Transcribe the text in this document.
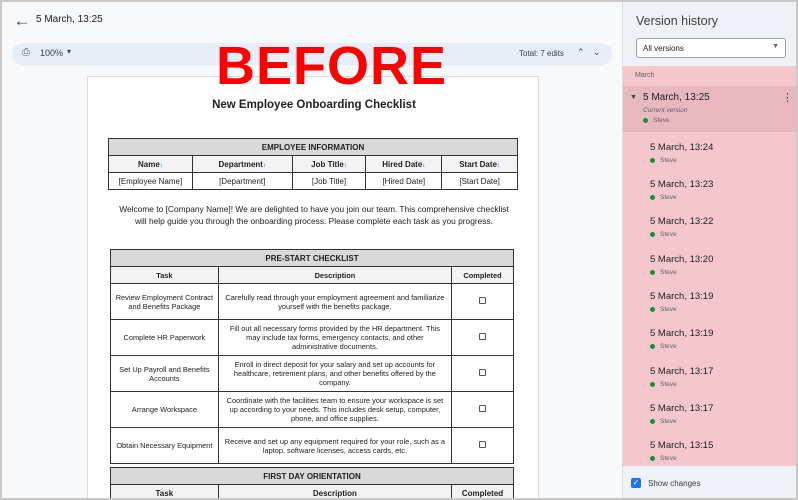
← 5 March, 13:25
⎙ 100% ▾	Total: 7 edits ⌃ ⌄
BEFORE
New Employee Onboarding Checklist
EMPLOYEE INFORMATION				
Name↕	Department↕	Job Title↕	Hired Date↕	Start Date↕
[Employee Name]	[Department]	[Job Title]	[Hired Date]	[Start Date]
Welcome to [Company Name]! We are delighted to have you join our team. This comprehensive checklist will help guide you through the onboarding process. Please complete each task as you progress.
PRE-START CHECKLIST		
Task	Description	Completed
Review Employment Contract and Benefits Package	Carefully read through your employment agreement and familiarize yourself with the benefits package.	
Complete HR Paperwork	Fill out all necessary forms provided by the HR department. This may include tax forms, emergency contacts, and other administrative documents.	
Set Up Payroll and Benefits Accounts	Enroll in direct deposit for your salary and set up accounts for healthcare, retirement plans, and other benefits offered by the company.	
Arrange Workspace	Coordinate with the facilities team to ensure your workspace is set up according to your needs. This includes desk setup, computer, phone, and office supplies.	
Obtain Necessary Equipment	Receive and set up any equipment required for your role, such as a laptop, software licenses, access cards, etc.	
FIRST DAY ORIENTATION
Task	Description	Completed
Version history
All versions	▼
March
▼ 5 March, 13:25
Current version
Steve
⋮
5 March, 13:24
Steve
5 March, 13:23
Steve
5 March, 13:22
Steve
5 March, 13:20
Steve
5 March, 13:19
Steve
5 March, 13:19
Steve
5 March, 13:17
Steve
5 March, 13:17
Steve
5 March, 13:15
Steve
✓ Show changes
